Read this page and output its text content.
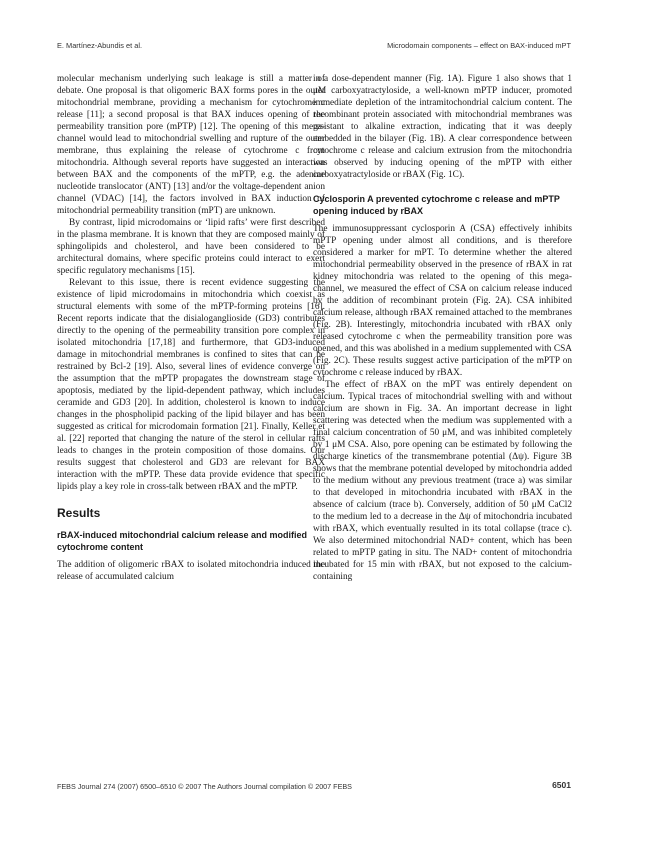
E. Martínez-Abundis et al.	Microdomain components – effect on BAX-induced mPT

molecular mechanism underlying such leakage is still a matter of debate. One proposal is that oligomeric BAX forms pores in the outer mitochondrial membrane, providing a mechanism for cytochrome c release [11]; a second proposal is that BAX induces opening of the permeability transition pore (mPTP) [12]. The opening of this mega-channel would lead to mitochondrial swelling and rupture of the outer membrane, thus explaining the release of cytochrome c from mitochondria. Although several reports have suggested an interaction between BAX and the components of the mPTP, e.g. the adenine nucleotide translocator (ANT) [13] and/or the voltage-dependent anion channel (VDAC) [14], the factors involved in BAX induction of mitochondrial permeability transition (mPT) are unknown.

By contrast, lipid microdomains or ‘lipid rafts’ were first described in the plasma membrane. It is known that they are composed mainly of sphingolipids and cholesterol, and have been considered to be architectural domains, where specific proteins could interact to exert specific regulatory mechanisms [15].

Relevant to this issue, there is recent evidence suggesting the existence of lipid microdomains in mitochondria which coexist as structural elements with some of the mPTP-forming proteins [16]. Recent reports indicate that the disialoganglioside (GD3) contributes directly to the opening of the permeability transition pore complex in isolated mitochondria [17,18] and furthermore, that GD3-induced damage in mitochondrial membranes is confined to sites that can be restrained by Bcl-2 [19]. Also, several lines of evidence converge on the assumption that the mPTP propagates the downstream stage of apoptosis, mediated by the lipid-dependent pathway, which includes ceramide and GD3 [20]. In addition, cholesterol is known to induce changes in the phospholipid packing of the lipid bilayer and has been suggested as critical for microdomain formation [21]. Finally, Keller et al. [22] reported that changing the nature of the sterol in cellular rafts leads to changes in the protein composition of those domains. Our results suggest that cholesterol and GD3 are relevant for BAX interaction with the mPTP. These data provide evidence that specific lipids play a key role in cross-talk between rBAX and the mPTP.

Results
rBAX-induced mitochondrial calcium release and modified cytochrome content

The addition of oligomeric rBAX to isolated mitochondria induced the release of accumulated calcium

in a dose-dependent manner (Fig. 1A). Figure 1 also shows that 1 μM carboxyatractyloside, a well-known mPTP inducer, promoted immediate depletion of the intramitochondrial calcium content. The recombinant protein associated with mitochondrial membranes was resistant to alkaline extraction, indicating that it was deeply embedded in the bilayer (Fig. 1B). A clear correspondence between cytochrome c release and calcium extrusion from the mitochondria was observed by inducing opening of the mPTP with either carboxyatractyloside or rBAX (Fig. 1C).

Cyclosporin A prevented cytochrome c release and mPTP opening induced by rBAX

The immunosuppressant cyclosporin A (CSA) effectively inhibits mPTP opening under almost all conditions, and is therefore considered a marker for mPT. To determine whether the altered mitochondrial permeability observed in the presence of rBAX in rat kidney mitochondria was related to the opening of this mega-channel, we measured the effect of CSA on calcium release induced by the addition of recombinant protein (Fig. 2A). CSA inhibited calcium release, although rBAX remained attached to the membranes (Fig. 2B). Interestingly, mitochondria incubated with rBAX only released cytochrome c when the permeability transition pore was opened, and this was abolished in a medium supplemented with CSA (Fig. 2C). These results suggest active participation of the mPTP on cytochrome c release induced by rBAX.

The effect of rBAX on the mPT was entirely dependent on calcium. Typical traces of mitochondrial swelling with and without calcium are shown in Fig. 3A. An important decrease in light scattering was detected when the medium was supplemented with a final calcium concentration of 50 μM, and was inhibited completely by 1 μM CSA. Also, pore opening can be estimated by following the discharge kinetics of the transmembrane potential (Δψ). Figure 3B shows that the membrane potential developed by mitochondria added to the medium without any previous treatment (trace a) was similar to that developed in mitochondria incubated with rBAX in the absence of calcium (trace b). Conversely, addition of 50 μM CaCl2 to the medium led to a decrease in the Δψ of mitochondria incubated with rBAX, which eventually resulted in its total collapse (trace c). We also determined mitochondrial NAD+ content, which has been related to mPTP gating in situ. The NAD+ content of mitochondria incubated for 15 min with rBAX, but not exposed to the calcium-containing

FEBS Journal 274 (2007) 6500–6510 © 2007 The Authors Journal compilation © 2007 FEBS	6501
